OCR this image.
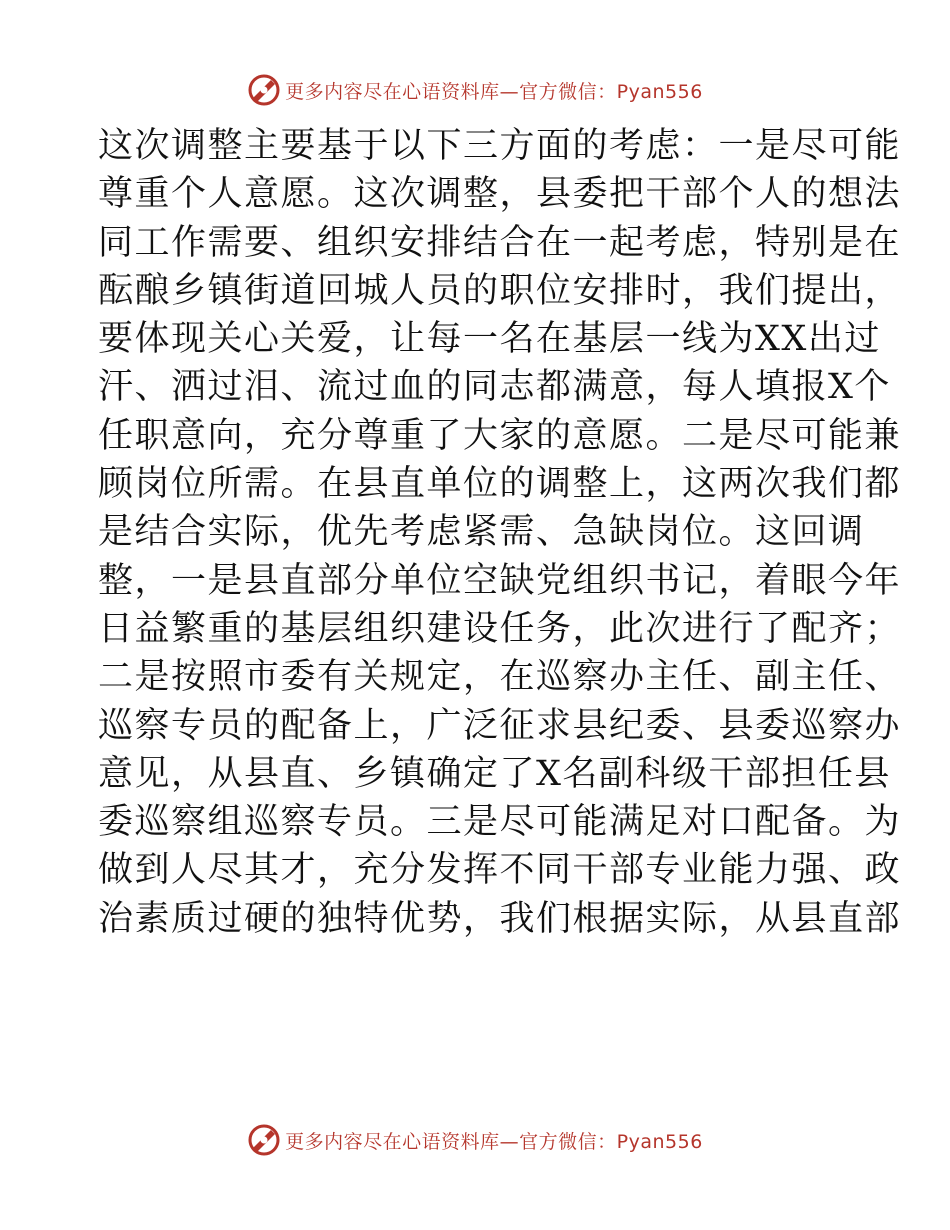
更多内容尽在心语资料库—官方微信：Pyan556
这次调整主要基于以下三方面的考虑：一是尽可能
尊重个人意愿。这次调整，县委把干部个人的想法
同工作需要、组织安排结合在一起考虑，特别是在
酝酿乡镇街道回城人员的职位安排时，我们提出，
要体现关心关爱，让每一名在基层一线为XX出过
汗、洒过泪、流过血的同志都满意，每人填报X个
任职意向，充分尊重了大家的意愿。二是尽可能兼
顾岗位所需。在县直单位的调整上，这两次我们都
是结合实际，优先考虑紧需、急缺岗位。这回调
整，一是县直部分单位空缺党组织书记，着眼今年
日益繁重的基层组织建设任务，此次进行了配齐；
二是按照市委有关规定，在巡察办主任、副主任、
巡察专员的配备上，广泛征求县纪委、县委巡察办
意见，从县直、乡镇确定了X名副科级干部担任县
委巡察组巡察专员。三是尽可能满足对口配备。为
做到人尽其才，充分发挥不同干部专业能力强、政
治素质过硬的独特优势，我们根据实际，从县直部
更多内容尽在心语资料库—官方微信：Pyan556
